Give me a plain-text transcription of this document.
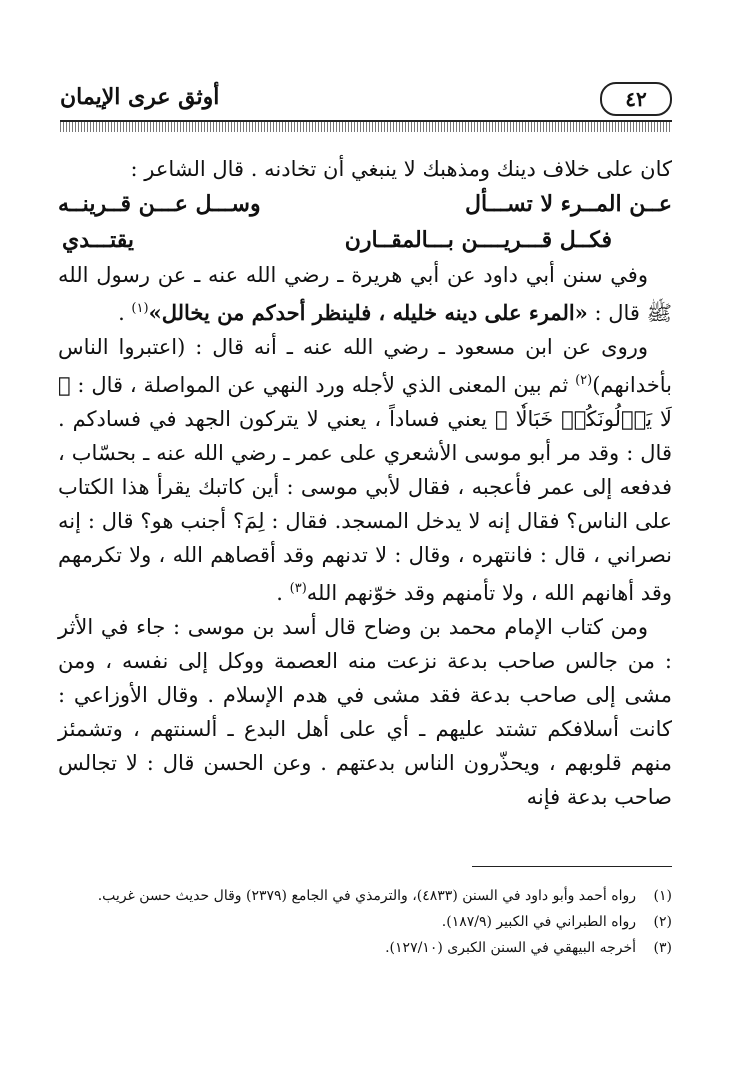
٤٢
أوثق عرى الإيمان

كان على خلاف دينك ومذهبك لا ينبغي أن تخادنه . قال الشاعر :

عــن المــرء لا تســـأل
وســـل عـــن قــرينــه
فكــل قـــريــــن بـــالمقــارن
يقتـــدي

وفي سنن أبي داود عن أبي هريرة ـ رضي الله عنه ـ عن رسول الله ﷺ قال : «المرء على دينه خليله ، فلينظر أحدكم من يخالل»$^{(١)}$ .

وروى عن ابن مسعود ـ رضي الله عنه ـ أنه قال : (اعتبروا الناس بأخدانهم)$^{(٢)}$ ثم بين المعنى الذي لأجله ورد النهي عن المواصلة ، قال : ﴿ لَا يَأۡلُونَكُمۡ خَبَالٗا ﴾ يعني فساداً ، يعني لا يتركون الجهد في فسادكم . قال : وقد مر أبو موسى الأشعري على عمر ـ رضي الله عنه ـ بحسّاب ، فدفعه إلى عمر فأعجبه ، فقال لأبي موسى : أين كاتبك يقرأ هذا الكتاب على الناس؟ فقال إنه لا يدخل المسجد. فقال : لِمَ؟ أجنب هو؟ قال : إنه نصراني ، قال : فانتهره ، وقال : لا تدنهم وقد أقصاهم الله ، ولا تكرمهم وقد أهانهم الله ، ولا تأمنهم وقد خوّنهم الله$^{(٣)}$ .

ومن كتاب الإمام محمد بن وضاح قال أسد بن موسى : جاء في الأثر : من جالس صاحب بدعة نزعت منه العصمة ووكل إلى نفسه ، ومن مشى إلى صاحب بدعة فقد مشى في هدم الإسلام . وقال الأوزاعي : كانت أسلافكم تشتد عليهم ـ أي على أهل البدع ـ ألسنتهم ، وتشمئز منهم قلوبهم ، ويحذّرون الناس بدعتهم . وعن الحسن قال : لا تجالس صاحب بدعة فإنه

(١)
رواه أحمد وأبو داود في السنن (٤٨٣٣)، والترمذي في الجامع (٢٣٧٩) وقال حديث حسن غريب.
(٢)
رواه الطبراني في الكبير (١٨٧/٩).
(٣)
أخرجه البيهقي في السنن الكبرى (١٢٧/١٠).
